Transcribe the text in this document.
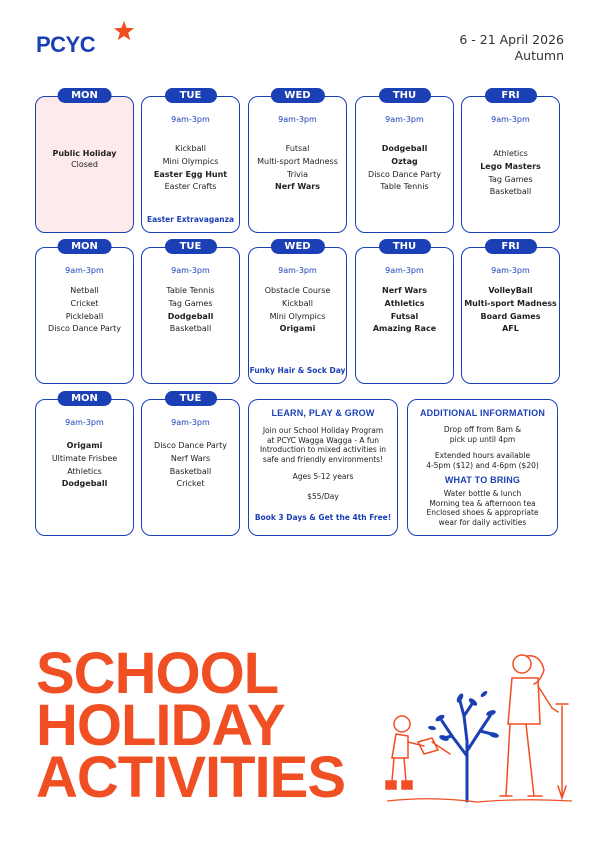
PCYC	6 - 21 April 2026
Autumn
MON
Public Holiday
Closed
TUE
9am-3pm
Kickball
Mini Olympics
Easter Egg Hunt
Easter Crafts
Easter Extravaganza
WED
9am-3pm
Futsal
Multi-sport Madness
Trivia
Nerf Wars
THU
9am-3pm
Dodgeball
Oztag
Disco Dance Party
Table Tennis
FRI
9am-3pm
Athletics
Lego Masters
Tag Games
Basketball
MON
9am-3pm
Netball
Cricket
Pickleball
Disco Dance Party
TUE
9am-3pm
Table Tennis
Tag Games
Dodgeball
Basketball
WED
9am-3pm
Obstacle Course
Kickball
Mini Olympics
Origami
Funky Hair & Sock Day
THU
9am-3pm
Nerf Wars
Athletics
Futsal
Amazing Race
FRI
9am-3pm
VolleyBall
Multi-sport Madness
Board Games
AFL
MON
9am-3pm
Origami
Ultimate Frisbee
Athletics
Dodgeball
TUE
9am-3pm
Disco Dance Party
Nerf Wars
Basketball
Cricket
LEARN, PLAY & GROW

Join our School Holiday Program

at PCYC Wagga Wagga - A fun

Introduction to mixed activities in

safe and friendly environments!

Ages 5-12 years

$55/Day

Book 3 Days & Get the 4th Free!

ADDITIONAL INFORMATION

Drop off from 8am &

pick up until 4pm

Extended hours available

4-5pm ($12) and 4-6pm ($20)

WHAT TO BRING

Water bottle & lunch

Morning tea & afternoon tea

Enclosed shoes & appropriate

wear for daily activities

SCHOOL
HOLIDAY
ACTIVITIES
